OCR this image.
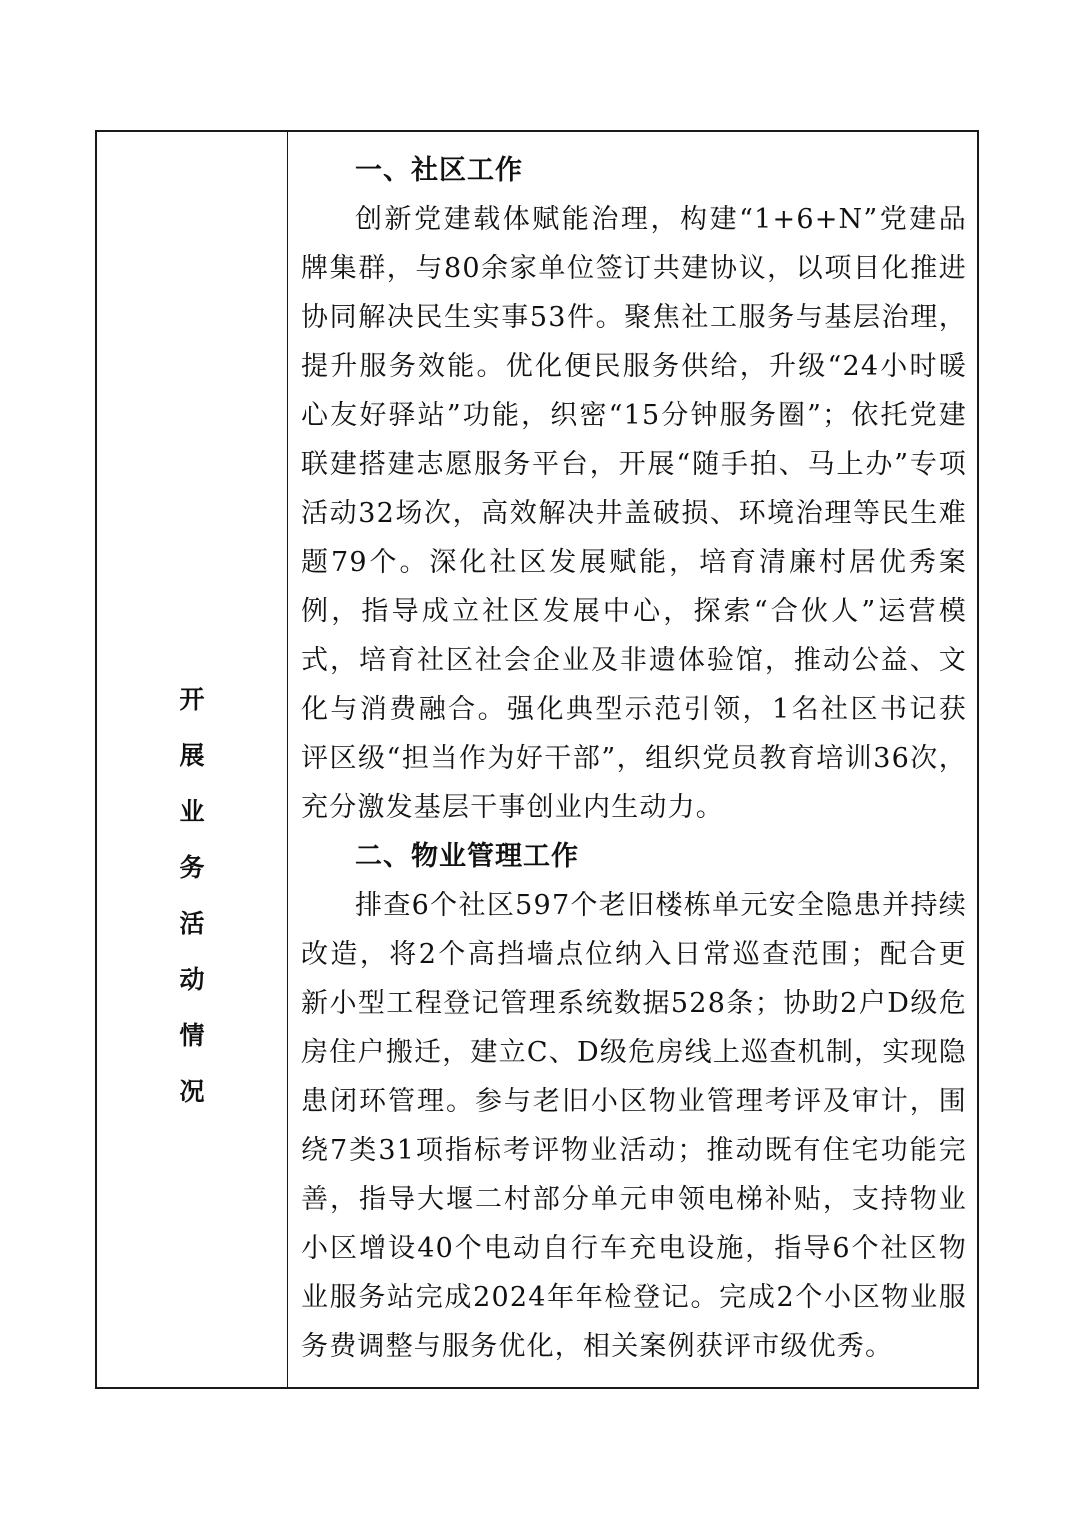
开
展
业
务
活
动
情
况

一、社区工作

创新党建载体赋能治理，构建“1+6+N”党建品牌集群，与80余家单位签订共建协议，以项目化推进协同解决民生实事53件。聚焦社工服务与基层治理，提升服务效能。优化便民服务供给，升级“24小时暖心友好驿站”功能，织密“15分钟服务圈”；依托党建联建搭建志愿服务平台，开展“随手拍、马上办”专项活动32场次，高效解决井盖破损、环境治理等民生难题79个。深化社区发展赋能，培育清廉村居优秀案例，指导成立社区发展中心，探索“合伙人”运营模式，培育社区社会企业及非遗体验馆，推动公益、文化与消费融合。强化典型示范引领，1名社区书记获评区级“担当作为好干部”，组织党员教育培训36次，充分激发基层干事创业内生动力。

二、物业管理工作

排查6个社区597个老旧楼栋单元安全隐患并持续改造，将2个高挡墙点位纳入日常巡查范围；配合更新小型工程登记管理系统数据528条；协助2户D级危房住户搬迁，建立C、D级危房线上巡查机制，实现隐患闭环管理。参与老旧小区物业管理考评及审计，围绕7类31项指标考评物业活动；推动既有住宅功能完善，指导大堰二村部分单元申领电梯补贴，支持物业小区增设40个电动自行车充电设施，指导6个社区物业服务站完成2024年年检登记。完成2个小区物业服务费调整与服务优化，相关案例获评市级优秀。
